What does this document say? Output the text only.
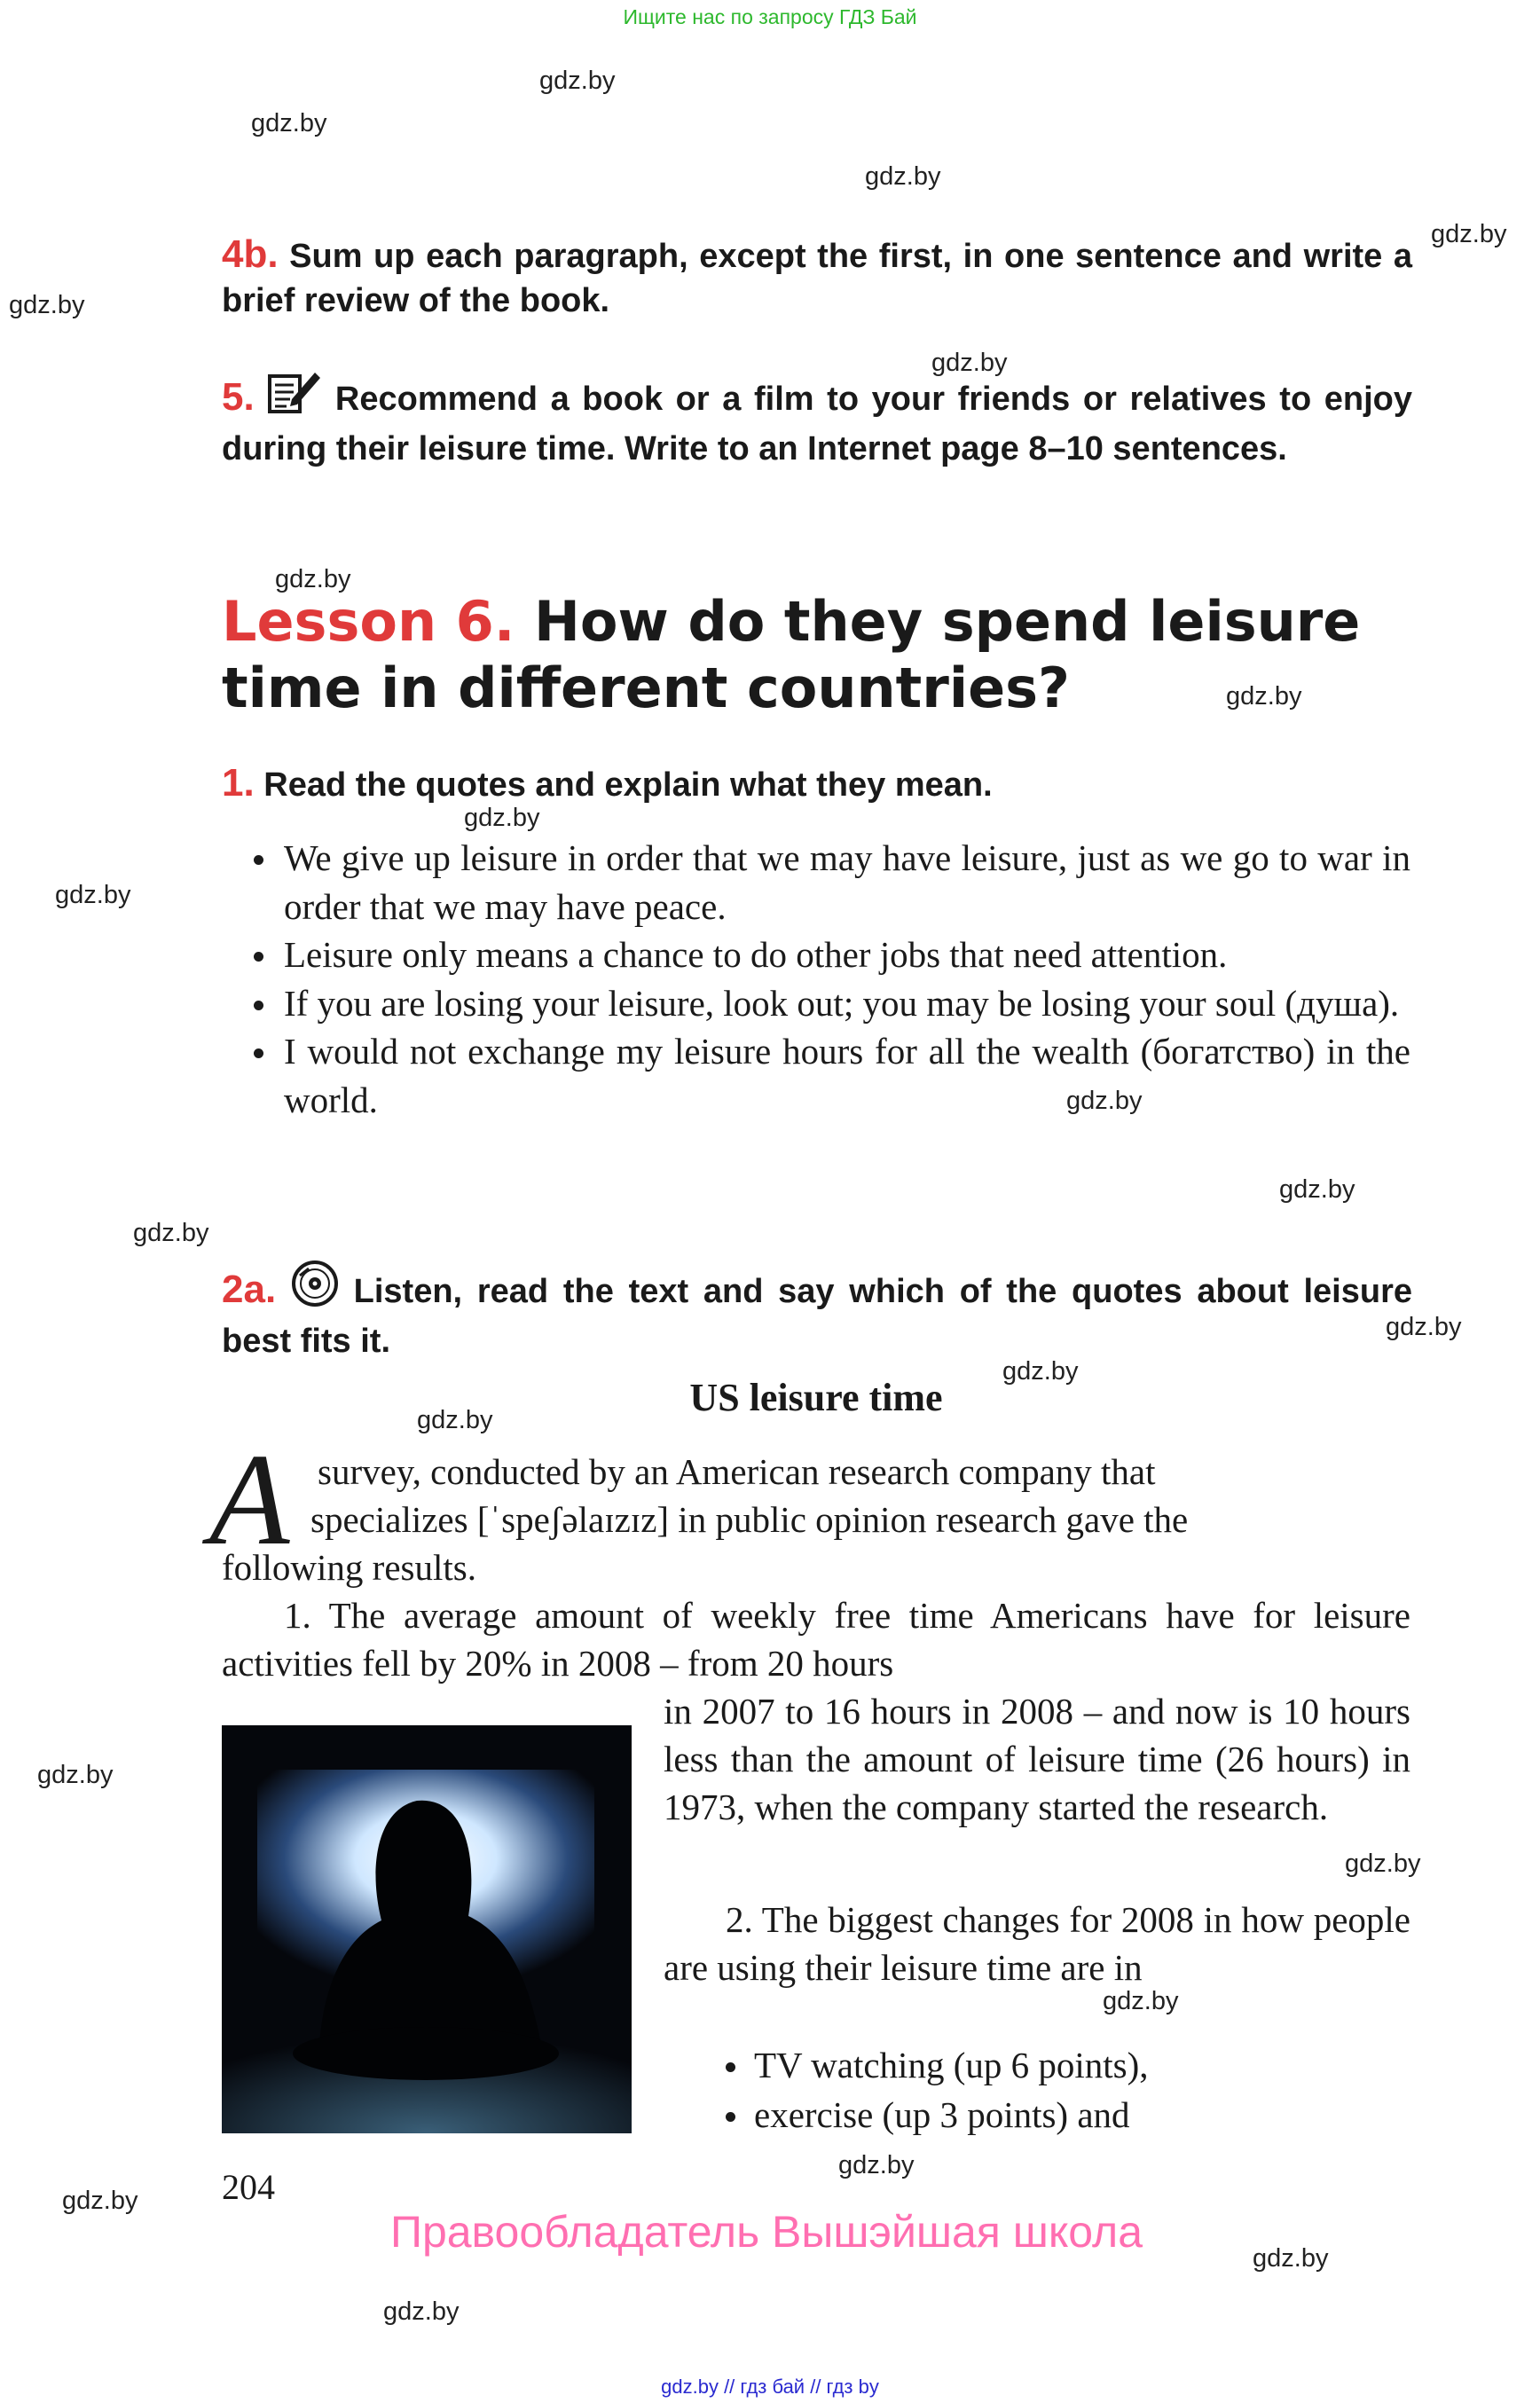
Ищите нас по запросу ГДЗ Бай
gdz.by
gdz.by
gdz.by
gdz.by
gdz.by
gdz.by
gdz.by
gdz.by
gdz.by
gdz.by
gdz.by
gdz.by
gdz.by
gdz.by
gdz.by
gdz.by
gdz.by
gdz.by
gdz.by
gdz.by
gdz.by
gdz.by
gdz.by
4b. Sum up each paragraph, except the first, in one sentence and write a brief review of the book.
5. Recommend a book or a film to your friends or relatives to enjoy during their leisure time. Write to an Internet page 8–10 sentences.
Lesson 6. How do they spend leisure
time in different countries?
1. Read the quotes and explain what they mean.
We give up leisure in order that we may have leisure, just as we go to war in order that we may have peace.
Leisure only means a chance to do other jobs that need attention.
If you are losing your leisure, look out; you may be losing your soul (душа).
I would not exchange my leisure hours for all the wealth (богатство) in the world.
2a. Listen, read the text and say which of the quotes about leisure best fits it.
US leisure time
A survey, conducted by an American research company that
specializes [ˈspeʃəlaɪzɪz] in public opinion research gave the
following results.
1. The average amount of weekly free time Americans have for leisure activities fell by 20% in 2008 – from 20 hours
in 2007 to 16 hours in 2008 – and now is 10 hours less than the amount of leisure time (26 hours) in 1973, when the company started the research.
2. The biggest changes for 2008 in how people are using their leisure time are in
TV watching (up 6 points),
exercise (up 3 points) and
204
Правообладатель Вышэйшая школа
gdz.by // гдз бай // гдз by
